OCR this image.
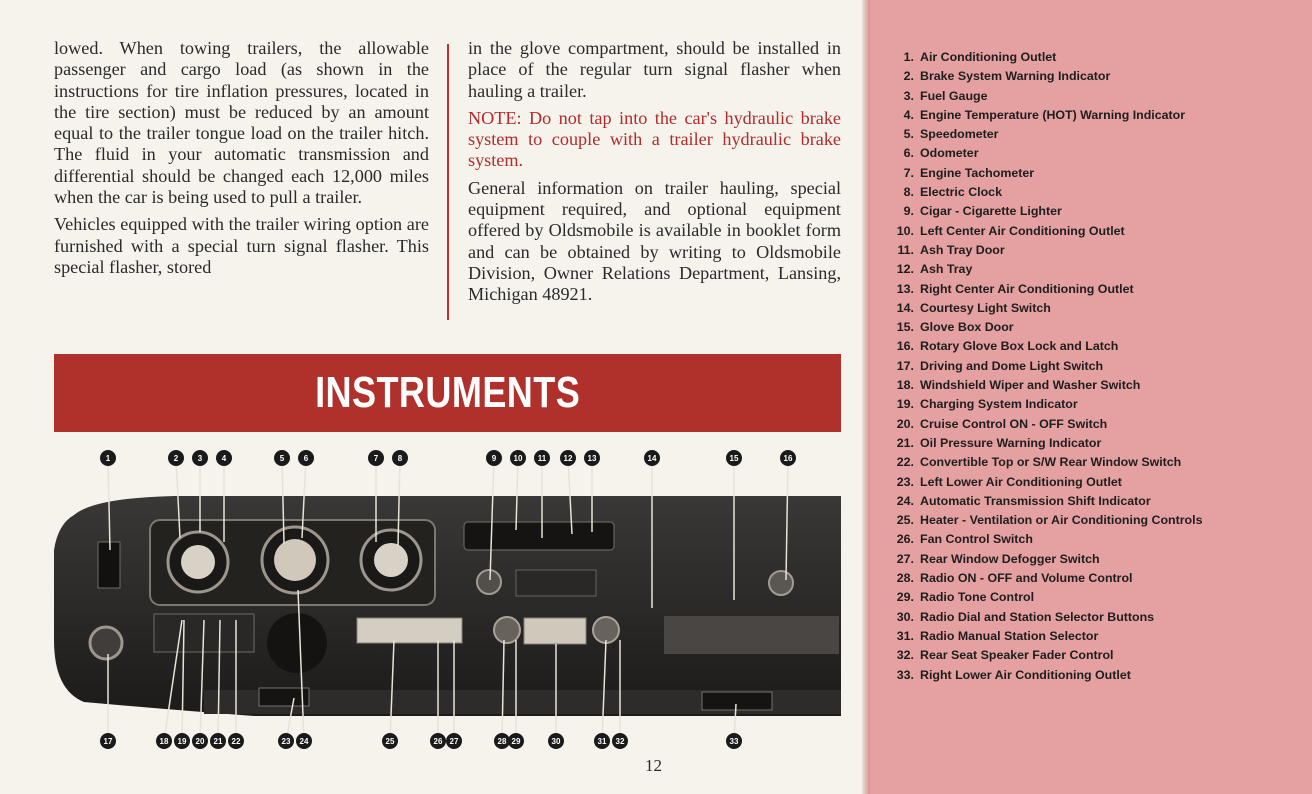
lowed. When towing trailers, the allowable passenger and cargo load (as shown in the instructions for tire inflation pressures, located in the tire section) must be reduced by an amount equal to the trailer tongue load on the trailer hitch. The fluid in your automatic transmission and differential should be changed each 12,000 miles when the car is being used to pull a trailer.

Vehicles equipped with the trailer wiring option are furnished with a special turn signal flasher. This special flasher, stored

in the glove compartment, should be installed in place of the regular turn signal flasher when hauling a trailer.

NOTE: Do not tap into the car's hydraulic brake system to couple with a trailer hydraulic brake system.

General information on trailer hauling, special equipment required, and optional equipment offered by Oldsmobile is available in booklet form and can be obtained by writing to Oldsmobile Division, Owner Relations Department, Lansing, Michigan 48921.

INSTRUMENTS
1	2 3 4	5 6	7 8	9 10 11 12 13	14	15	16
17	18 19 20 21 22	23 24	25	26 27	28 29	30	31 32	33
12
1. Air Conditioning Outlet
2. Brake System Warning Indicator
3. Fuel Gauge
4. Engine Temperature (HOT) Warning Indicator
5. Speedometer
6. Odometer
7. Engine Tachometer
8. Electric Clock
9. Cigar - Cigarette Lighter
10. Left Center Air Conditioning Outlet
11. Ash Tray Door
12. Ash Tray
13. Right Center Air Conditioning Outlet
14. Courtesy Light Switch
15. Glove Box Door
16. Rotary Glove Box Lock and Latch
17. Driving and Dome Light Switch
18. Windshield Wiper and Washer Switch
19. Charging System Indicator
20. Cruise Control ON - OFF Switch
21. Oil Pressure Warning Indicator
22. Convertible Top or S/W Rear Window Switch
23. Left Lower Air Conditioning Outlet
24. Automatic Transmission Shift Indicator
25. Heater - Ventilation or Air Conditioning Controls
26. Fan Control Switch
27. Rear Window Defogger Switch
28. Radio ON - OFF and Volume Control
29. Radio Tone Control
30. Radio Dial and Station Selector Buttons
31. Radio Manual Station Selector
32. Rear Seat Speaker Fader Control
33. Right Lower Air Conditioning Outlet
